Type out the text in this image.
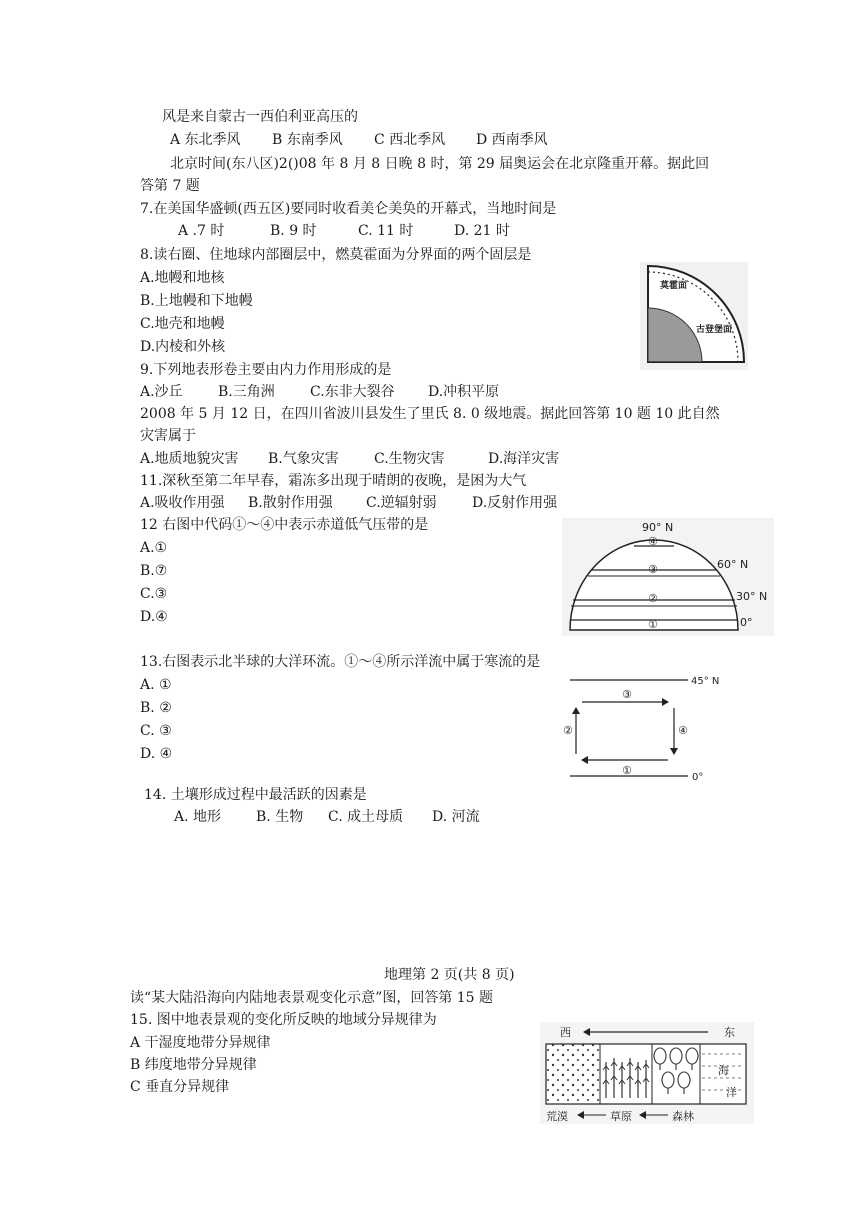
风是来自蒙古一西伯利亚高压的
A 东北季风 B 东南季风 C 西北季风 D 西南季风
北京时间(东八区)2()08 年 8 月 8 日晚 8 时，第 29 届奥运会在北京隆重开幕。据此回
答第 7 题
7.在美国华盛顿(西五区)要同时收看美仑美奂的开幕式，当地时间是
A .7 时	B. 9 时	C. 11 时	D. 21 时
8.读右圈、住地球内部圈层中，燃莫霍面为分界面的两个固层是
A.地幔和地核
B.上地幔和下地幔
C.地壳和地幔
D.内棱和外核
莫霍面
古登堡面
9.下列地表形卷主要由内力作用形成的是
A.沙丘	B.三角洲	C.东非大裂谷 D.冲积平原
2008 年 5 月 12 日，在四川省波川县发生了里氏 8. 0 级地震。据此回答第 10 题 10 此自然
灾害属于
A.地质地貌灾害 B.气象灾害	C.生物灾害	D.海洋灾害
11.深秋至第二年早春，霜冻多出现于晴朗的夜晚，是困为大气
A.吸收作用强 B.散射作用强 C.逆辐射弱	D.反射作用强
12 右图中代码①～④中表示赤道低气压带的是
A.①
B.⑦
C.③
D.④
④
③
②
①
90° N
60° N
30° N
0°
13.右图表示北半球的大洋环流。①～④所示洋流中属于寒流的是
A. ①
B. ②
C. ③
D. ④
③
②	④
①
45° N
0°
14. 土壤形成过程中最活跃的因素是
A. 地形 B. 生物 C. 成土母质 D. 河流
地理第 2 页(共 8 页)
读“某大陆沿海向内陆地表景观变化示意”图，回答第 15 题
15. 图中地表景观的变化所反映的地域分异规律为
A 干湿度地带分异规律
B 纬度地带分异规律
C 垂直分异规律
西	东
海
洋
荒漠	草原	森林
